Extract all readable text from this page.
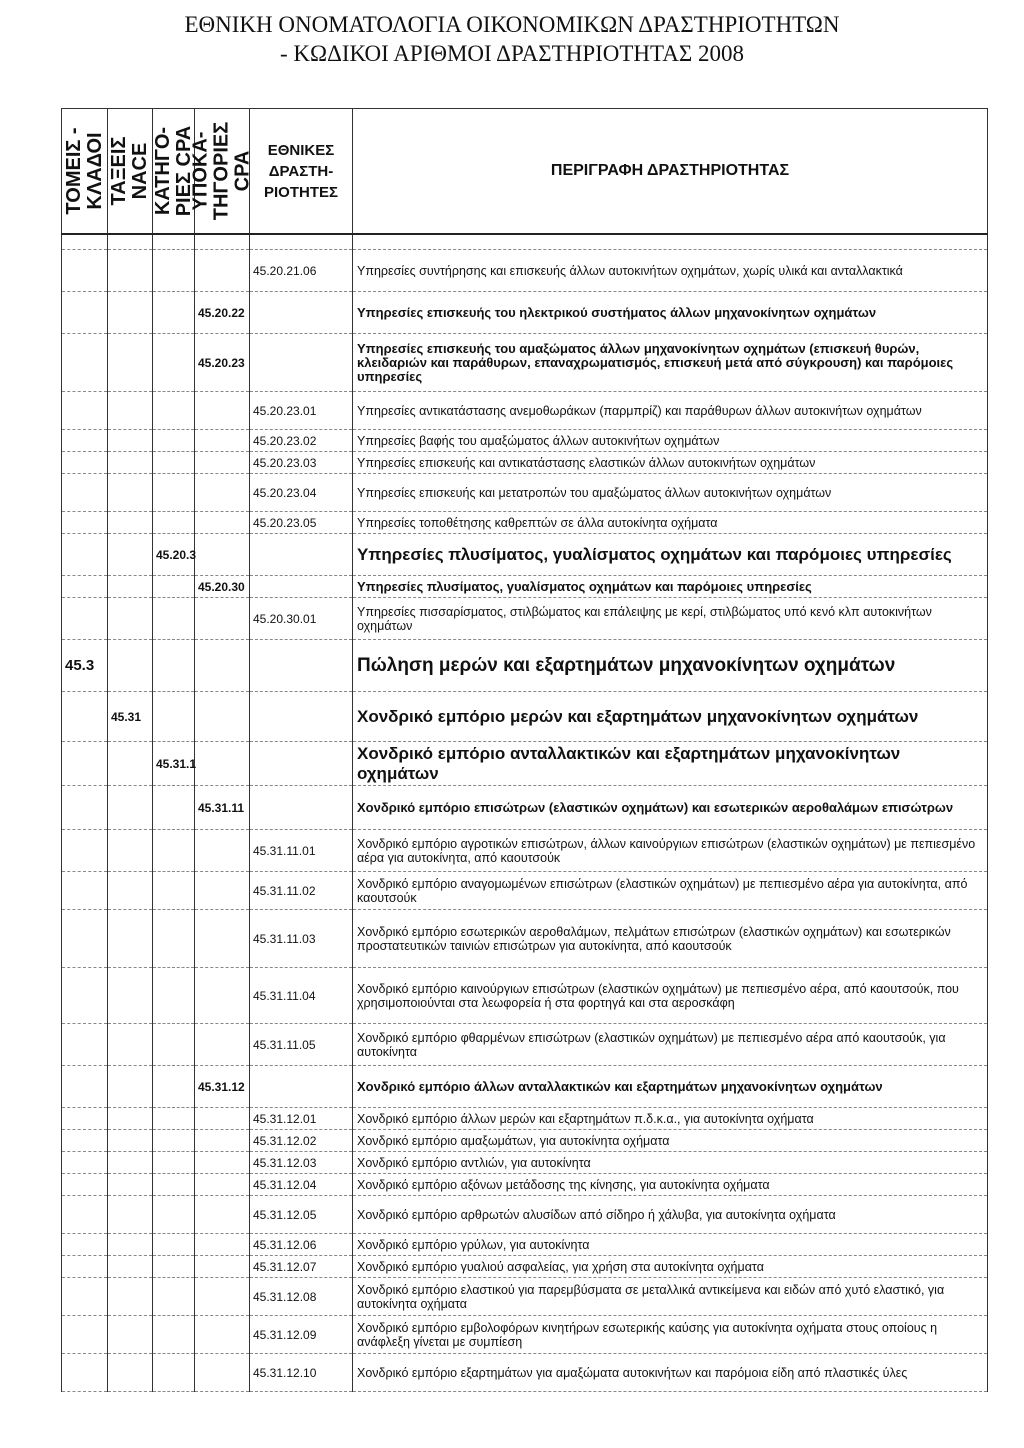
ΕΘΝΙΚΗ ΟΝΟΜΑΤΟΛΟΓΙΑ ΟΙΚΟΝΟΜΙΚΩΝ ΔΡΑΣΤΗΡΙΟΤΗΤΩΝ
- ΚΩΔΙΚΟΙ ΑΡΙΘΜΟΙ ΔΡΑΣΤΗΡΙΟΤΗΤΑΣ 2008
ΤΟΜΕΙΣ - ΚΛΑΔΟΙ	ΤΑΞΕΙΣ NACE	ΚΑΤΗΓΟ- ΡΙΕΣ CPA	ΥΠΟΚΑ- ΤΗΓΟΡΙΕΣ CPA	ΕΘΝΙΚΕΣ ΔΡΑΣΤΗ- ΡΙΟΤΗΤΕΣ	ΠΕΡΙΓΡΑΦΗ ΔΡΑΣΤΗΡΙΟΤΗΤΑΣ

				45.20.21.06	Υπηρεσίες συντήρησης και επισκευής άλλων αυτοκινήτων οχημάτων, χωρίς υλικά και ανταλλακτικά
			45.20.22		Υπηρεσίες επισκευής του ηλεκτρικού συστήματος άλλων μηχανοκίνητων οχημάτων
			45.20.23		Υπηρεσίες επισκευής του αμαξώματος άλλων μηχανοκίνητων οχημάτων (επισκευή θυρών, κλειδαριών και παράθυρων, επαναχρωματισμός, επισκευή μετά από σύγκρουση) και παρόμοιες υπηρεσίες
				45.20.23.01	Υπηρεσίες αντικατάστασης ανεμοθωράκων (παρμπρίζ) και παράθυρων άλλων αυτοκινήτων οχημάτων
				45.20.23.02	Υπηρεσίες βαφής του αμαξώματος άλλων αυτοκινήτων οχημάτων
				45.20.23.03	Υπηρεσίες επισκευής και αντικατάστασης ελαστικών άλλων αυτοκινήτων οχημάτων
				45.20.23.04	Υπηρεσίες επισκευής και μετατροπών του αμαξώματος άλλων αυτοκινήτων οχημάτων
				45.20.23.05	Υπηρεσίες τοποθέτησης καθρεπτών σε άλλα αυτοκίνητα οχήματα
		45.20.3			Υπηρεσίες πλυσίματος, γυαλίσματος οχημάτων και παρόμοιες υπηρεσίες
			45.20.30		Υπηρεσίες πλυσίματος, γυαλίσματος οχημάτων και παρόμοιες υπηρεσίες
				45.20.30.01	Υπηρεσίες πισσαρίσματος, στιλβώματος και επάλειψης με κερί, στιλβώματος υπό κενό κλπ αυτοκινήτων οχημάτων
45.3					Πώληση μερών και εξαρτημάτων μηχανοκίνητων οχημάτων
	45.31				Χονδρικό εμπόριο μερών και εξαρτημάτων μηχανοκίνητων οχημάτων
		45.31.1			Χονδρικό εμπόριο ανταλλακτικών και εξαρτημάτων μηχανοκίνητων οχημάτων
			45.31.11		Χονδρικό εμπόριο επισώτρων (ελαστικών οχημάτων) και εσωτερικών αεροθαλάμων επισώτρων
				45.31.11.01	Χονδρικό εμπόριο αγροτικών επισώτρων, άλλων καινούργιων επισώτρων (ελαστικών οχημάτων) με πεπιεσμένο αέρα για αυτοκίνητα, από καουτσούκ
				45.31.11.02	Χονδρικό εμπόριο αναγομωμένων επισώτρων (ελαστικών οχημάτων) με πεπιεσμένο αέρα για αυτοκίνητα, από καουτσούκ
				45.31.11.03	Χονδρικό εμπόριο εσωτερικών αεροθαλάμων, πελμάτων επισώτρων (ελαστικών οχημάτων) και εσωτερικών προστατευτικών ταινιών επισώτρων για αυτοκίνητα, από καουτσούκ
				45.31.11.04	Χονδρικό εμπόριο καινούργιων επισώτρων (ελαστικών οχημάτων) με πεπιεσμένο αέρα, από καουτσούκ, που χρησιμοποιούνται στα λεωφορεία ή στα φορτηγά και στα αεροσκάφη
				45.31.11.05	Χονδρικό εμπόριο φθαρμένων επισώτρων (ελαστικών οχημάτων) με πεπιεσμένο αέρα από καουτσούκ, για αυτοκίνητα
			45.31.12		Χονδρικό εμπόριο άλλων ανταλλακτικών και εξαρτημάτων μηχανοκίνητων οχημάτων
				45.31.12.01	Χονδρικό εμπόριο άλλων μερών και εξαρτημάτων π.δ.κ.α., για αυτοκίνητα οχήματα
				45.31.12.02	Χονδρικό εμπόριο αμαξωμάτων, για αυτοκίνητα οχήματα
				45.31.12.03	Χονδρικό εμπόριο αντλιών, για αυτοκίνητα
				45.31.12.04	Χονδρικό εμπόριο αξόνων μετάδοσης της κίνησης, για αυτοκίνητα οχήματα
				45.31.12.05	Χονδρικό εμπόριο αρθρωτών αλυσίδων από σίδηρο ή χάλυβα, για αυτοκίνητα οχήματα
				45.31.12.06	Χονδρικό εμπόριο γρύλων, για αυτοκίνητα
				45.31.12.07	Χονδρικό εμπόριο γυαλιού ασφαλείας, για χρήση στα αυτοκίνητα οχήματα
				45.31.12.08	Χονδρικό εμπόριο ελαστικού για παρεμβύσματα σε μεταλλικά αντικείμενα και ειδών από χυτό ελαστικό, για αυτοκίνητα οχήματα
				45.31.12.09	Χονδρικό εμπόριο εμβολοφόρων κινητήρων εσωτερικής καύσης για αυτοκίνητα οχήματα στους οποίους η ανάφλεξη γίνεται με συμπίεση
				45.31.12.10	Χονδρικό εμπόριο εξαρτημάτων για αμαξώματα αυτοκινήτων και παρόμοια είδη από πλαστικές ύλες
